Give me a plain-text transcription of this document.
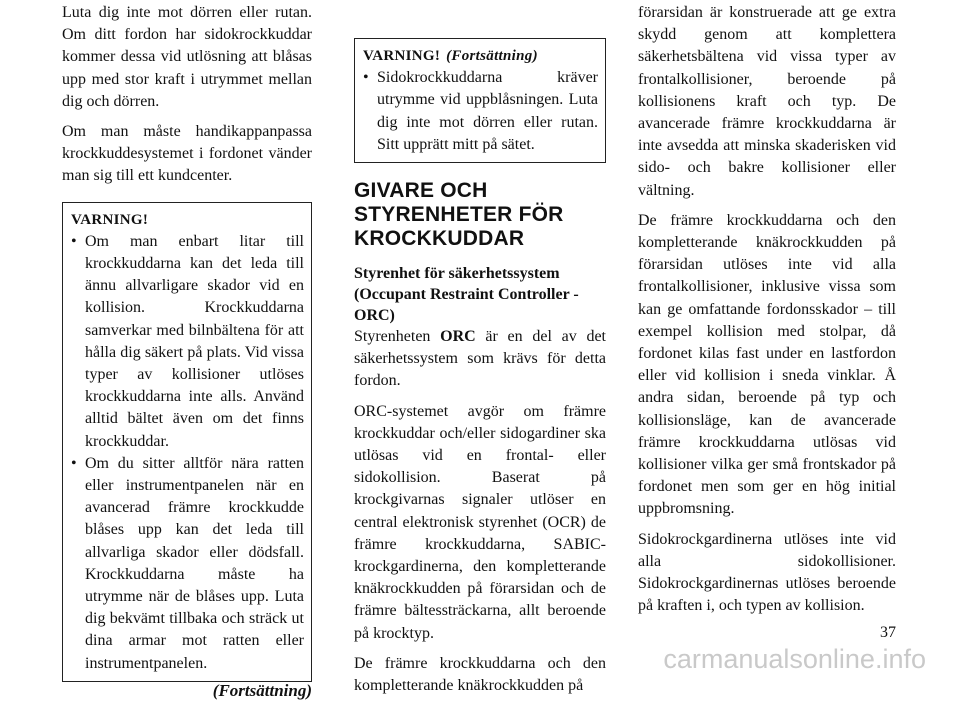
Luta dig inte mot dörren eller rutan. Om ditt fordon har sidokrockkuddar kommer dessa vid utlösning att blåsas upp med stor kraft i utrymmet mellan dig och dörren.

Om man måste handikappanpassa krockkuddesystemet i fordonet vänder man sig till ett kundcenter.

VARNING!
• Om man enbart litar till krockkuddarna kan det leda till ännu allvarligare skador vid en kollision. Krockkuddarna samverkar med bilnbältena för att hålla dig säkert på plats. Vid vissa typer av kollisioner utlöses krockkuddarna inte alls. Använd alltid bältet även om det finns krockkuddar.
• Om du sitter alltför nära ratten eller instrumentpanelen när en avancerad främre krockkudde blåses upp kan det leda till allvarliga skador eller dödsfall. Krockkuddarna måste ha utrymme när de blåses upp. Luta dig bekvämt tillbaka och sträck ut dina armar mot ratten eller instrumentpanelen.
(Fortsättning)
VARNING! (Fortsättning)
• Sidokrockkuddarna kräver utrymme vid uppblåsningen. Luta dig inte mot dörren eller rutan. Sitt upprätt mitt på sätet.
GIVARE OCH STYRENHETER FÖR KROCKKUDDAR
Styrenhet för säkerhetssystem (Occupant Restraint Controller - ORC)

Styrenheten ORC är en del av det säkerhetssystem som krävs för detta fordon.

ORC-systemet avgör om främre krockkuddar och/eller sidogardiner ska utlösas vid en frontal- eller sidokollision. Baserat på krockgivarnas signaler utlöser en central elektronisk styrenhet (OCR) de främre krockkuddarna, SABIC-krockgardinerna, den kompletterande knäkrockkudden på förarsidan och de främre bältessträckarna, allt beroende på krocktyp.

De främre krockkuddarna och den kompletterande knäkrockkudden på

förarsidan är konstruerade att ge extra skydd genom att komplettera säkerhetsbältena vid vissa typer av frontalkollisioner, beroende på kollisionens kraft och typ. De avancerade främre krockkuddarna är inte avsedda att minska skaderisken vid sido- och bakre kollisioner eller vältning.

De främre krockkuddarna och den kompletterande knäkrockkudden på förarsidan utlöses inte vid alla frontalkollisioner, inklusive vissa som kan ge omfattande fordonsskador – till exempel kollision med stolpar, då fordonet kilas fast under en lastfordon eller vid kollision i sneda vinklar. Å andra sidan, beroende på typ och kollisionsläge, kan de avancerade främre krockkuddarna utlösas vid kollisioner vilka ger små frontskador på fordonet men som ger en hög initial uppbromsning.

Sidokrockgardinerna utlöses inte vid alla sidokollisioner. Sidokrockgardinernas utlöses beroende på kraften i, och typen av kollision.

37
carmanualsonline.info
